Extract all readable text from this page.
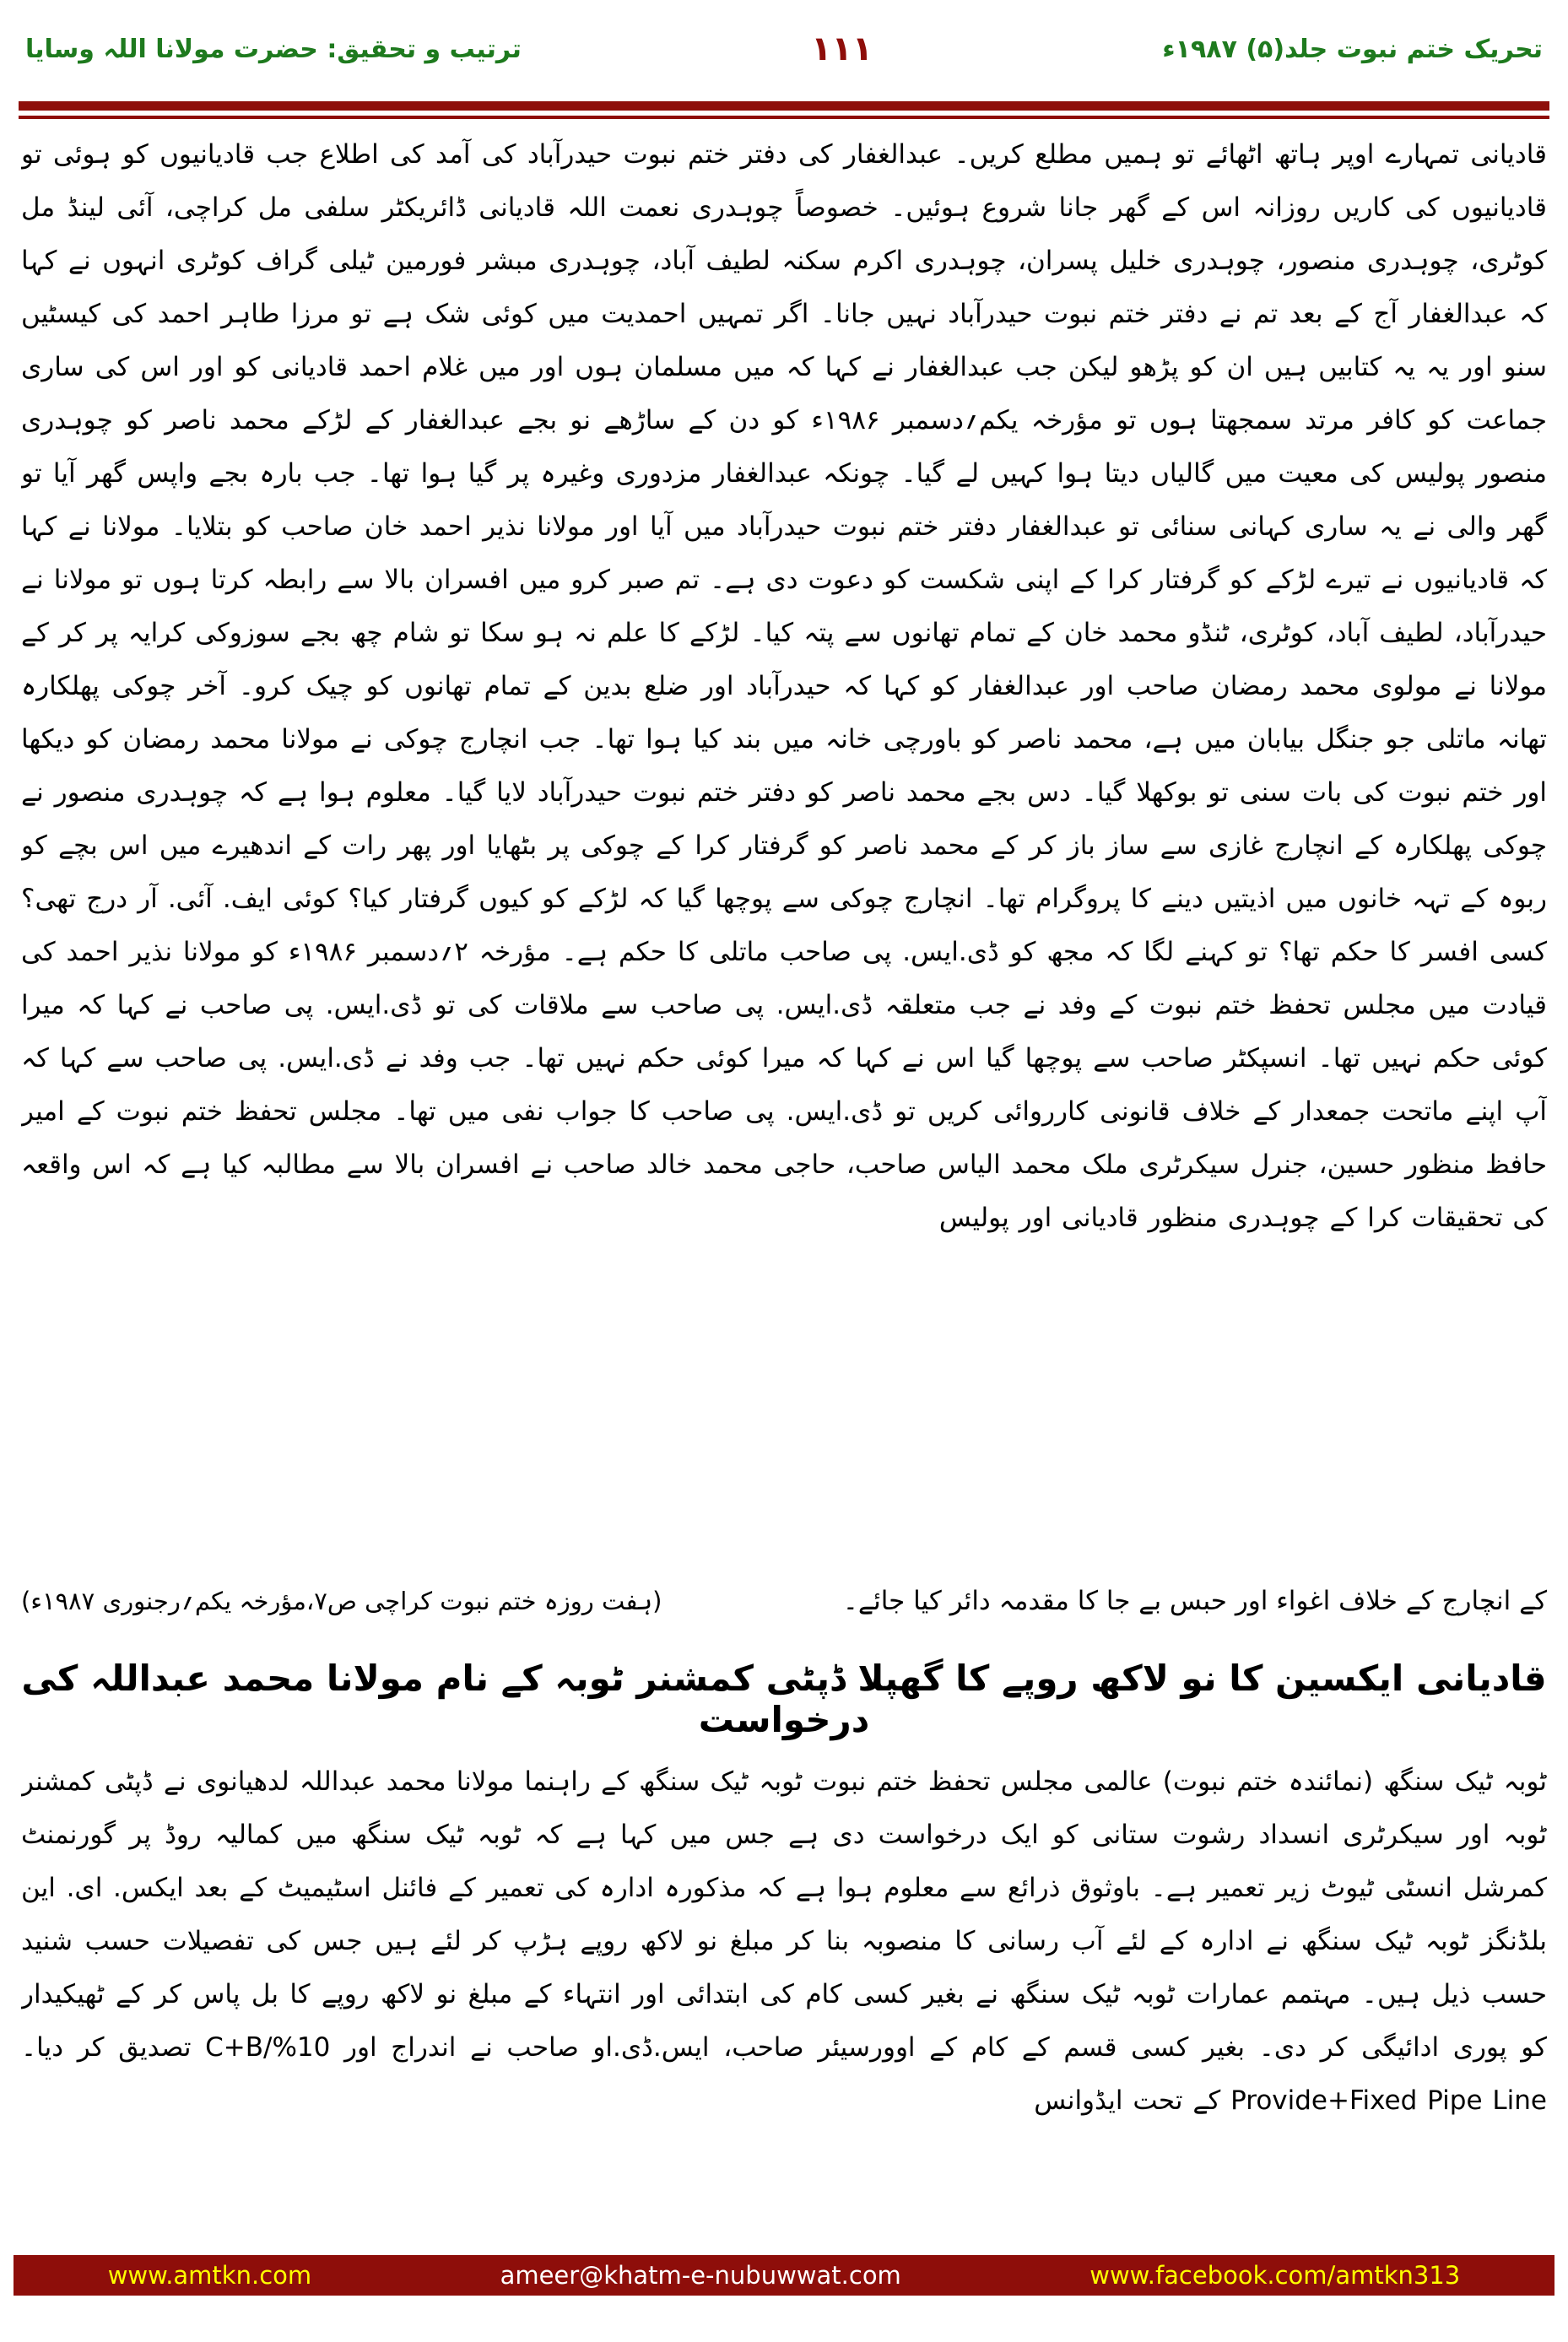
ترتیب و تحقیق: حضرت مولانا اللہ وسایا	۱۱۱	تحریک ختم نبوت جلد(۵) ۱۹۸۷ء
قادیانی تمہارے اوپر ہاتھ اٹھائے تو ہمیں مطلع کریں۔ عبدالغفار کی دفتر ختم نبوت حیدرآباد کی آمد کی اطلاع جب قادیانیوں کو ہوئی تو قادیانیوں کی کاریں روزانہ اس کے گھر جانا شروع ہوئیں۔ خصوصاً چوہدری نعمت اللہ قادیانی ڈائریکٹر سلفی مل کراچی، آئی لینڈ مل کوٹری، چوہدری منصور، چوہدری خلیل پسران، چوہدری اکرم سکنہ لطیف آباد، چوہدری مبشر فورمین ٹیلی گراف کوٹری انہوں نے کہا کہ عبدالغفار آج کے بعد تم نے دفتر ختم نبوت حیدرآباد نہیں جانا۔ اگر تمہیں احمدیت میں کوئی شک ہے تو مرزا طاہر احمد کی کیسٹیں سنو اور یہ یہ کتابیں ہیں ان کو پڑھو لیکن جب عبدالغفار نے کہا کہ میں مسلمان ہوں اور میں غلام احمد قادیانی کو اور اس کی ساری جماعت کو کافر مرتد سمجھتا ہوں تو مؤرخہ یکم؍دسمبر ۱۹۸۶ء کو دن کے ساڑھے نو بجے عبدالغفار کے لڑکے محمد ناصر کو چوہدری منصور پولیس کی معیت میں گالیاں دیتا ہوا کہیں لے گیا۔ چونکہ عبدالغفار مزدوری وغیرہ پر گیا ہوا تھا۔ جب بارہ بجے واپس گھر آیا تو گھر والی نے یہ ساری کہانی سنائی تو عبدالغفار دفتر ختم نبوت حیدرآباد میں آیا اور مولانا نذیر احمد خان صاحب کو بتلایا۔ مولانا نے کہا کہ قادیانیوں نے تیرے لڑکے کو گرفتار کرا کے اپنی شکست کو دعوت دی ہے۔ تم صبر کرو میں افسران بالا سے رابطہ کرتا ہوں تو مولانا نے حیدرآباد، لطیف آباد، کوٹری، ٹنڈو محمد خان کے تمام تھانوں سے پتہ کیا۔ لڑکے کا علم نہ ہو سکا تو شام چھ بجے سوزوکی کرایہ پر کر کے مولانا نے مولوی محمد رمضان صاحب اور عبدالغفار کو کہا کہ حیدرآباد اور ضلع بدین کے تمام تھانوں کو چیک کرو۔ آخر چوکی پھلکارہ تھانہ ماتلی جو جنگل بیابان میں ہے، محمد ناصر کو باورچی خانہ میں بند کیا ہوا تھا۔ جب انچارج چوکی نے مولانا محمد رمضان کو دیکھا اور ختم نبوت کی بات سنی تو بوکھلا گیا۔ دس بجے محمد ناصر کو دفتر ختم نبوت حیدرآباد لایا گیا۔ معلوم ہوا ہے کہ چوہدری منصور نے چوکی پھلکارہ کے انچارج غازی سے ساز باز کر کے محمد ناصر کو گرفتار کرا کے چوکی پر بٹھایا اور پھر رات کے اندھیرے میں اس بچے کو ربوہ کے تہہ خانوں میں اذیتیں دینے کا پروگرام تھا۔ انچارج چوکی سے پوچھا گیا کہ لڑکے کو کیوں گرفتار کیا؟ کوئی ایف. آئی. آر درج تھی؟ کسی افسر کا حکم تھا؟ تو کہنے لگا کہ مجھ کو ڈی.ایس. پی صاحب ماتلی کا حکم ہے۔ مؤرخہ ۲؍دسمبر ۱۹۸۶ء کو مولانا نذیر احمد کی قیادت میں مجلس تحفظ ختم نبوت کے وفد نے جب متعلقہ ڈی.ایس. پی صاحب سے ملاقات کی تو ڈی.ایس. پی صاحب نے کہا کہ میرا کوئی حکم نہیں تھا۔ انسپکٹر صاحب سے پوچھا گیا اس نے کہا کہ میرا کوئی حکم نہیں تھا۔ جب وفد نے ڈی.ایس. پی صاحب سے کہا کہ آپ اپنے ماتحت جمعدار کے خلاف قانونی کارروائی کریں تو ڈی.ایس. پی صاحب کا جواب نفی میں تھا۔ مجلس تحفظ ختم نبوت کے امیر حافظ منظور حسین، جنرل سیکرٹری ملک محمد الیاس صاحب، حاجی محمد خالد صاحب نے افسران بالا سے مطالبہ کیا ہے کہ اس واقعہ کی تحقیقات کرا کے چوہدری منظور قادیانی اور پولیس
کے انچارج کے خلاف اغواء اور حبس بے جا کا مقدمہ دائر کیا جائے۔
(ہفت روزہ ختم نبوت کراچی ص۷،مؤرخہ یکم؍رجنوری ۱۹۸۷ء)
قادیانی ایکسین کا نو لاکھ روپے کا گھپلا ڈپٹی کمشنر ٹوبہ کے نام مولانا محمد عبداللہ کی درخواست
ٹوبہ ٹیک سنگھ (نمائندہ ختم نبوت) عالمی مجلس تحفظ ختم نبوت ٹوبہ ٹیک سنگھ کے راہنما مولانا محمد عبداللہ لدھیانوی نے ڈپٹی کمشنر ٹوبہ اور سیکرٹری انسداد رشوت ستانی کو ایک درخواست دی ہے جس میں کہا ہے کہ ٹوبہ ٹیک سنگھ میں کمالیہ روڈ پر گورنمنٹ کمرشل انسٹی ٹیوٹ زیر تعمیر ہے۔ باوثوق ذرائع سے معلوم ہوا ہے کہ مذکورہ ادارہ کی تعمیر کے فائنل اسٹیمیٹ کے بعد ایکس. ای. این بلڈنگز ٹوبہ ٹیک سنگھ نے ادارہ کے لئے آب رسانی کا منصوبہ بنا کر مبلغ نو لاکھ روپے ہڑپ کر لئے ہیں جس کی تفصیلات حسب شنید حسب ذیل ہیں۔ مہتمم عمارات ٹوبہ ٹیک سنگھ نے بغیر کسی کام کی ابتدائی اور انتہاء کے مبلغ نو لاکھ روپے کا بل پاس کر کے ٹھیکیدار کو پوری ادائیگی کر دی۔ بغیر کسی قسم کے کام کے اوورسیئر صاحب، ایس.ڈی.او صاحب نے اندراج اور C+B/%10 تصدیق کر دیا۔ Provide+Fixed Pipe Line کے تحت ایڈوانس
www.amtkn.com	ameer@khatm-e-nubuwwat.com	www.facebook.com/amtkn313
